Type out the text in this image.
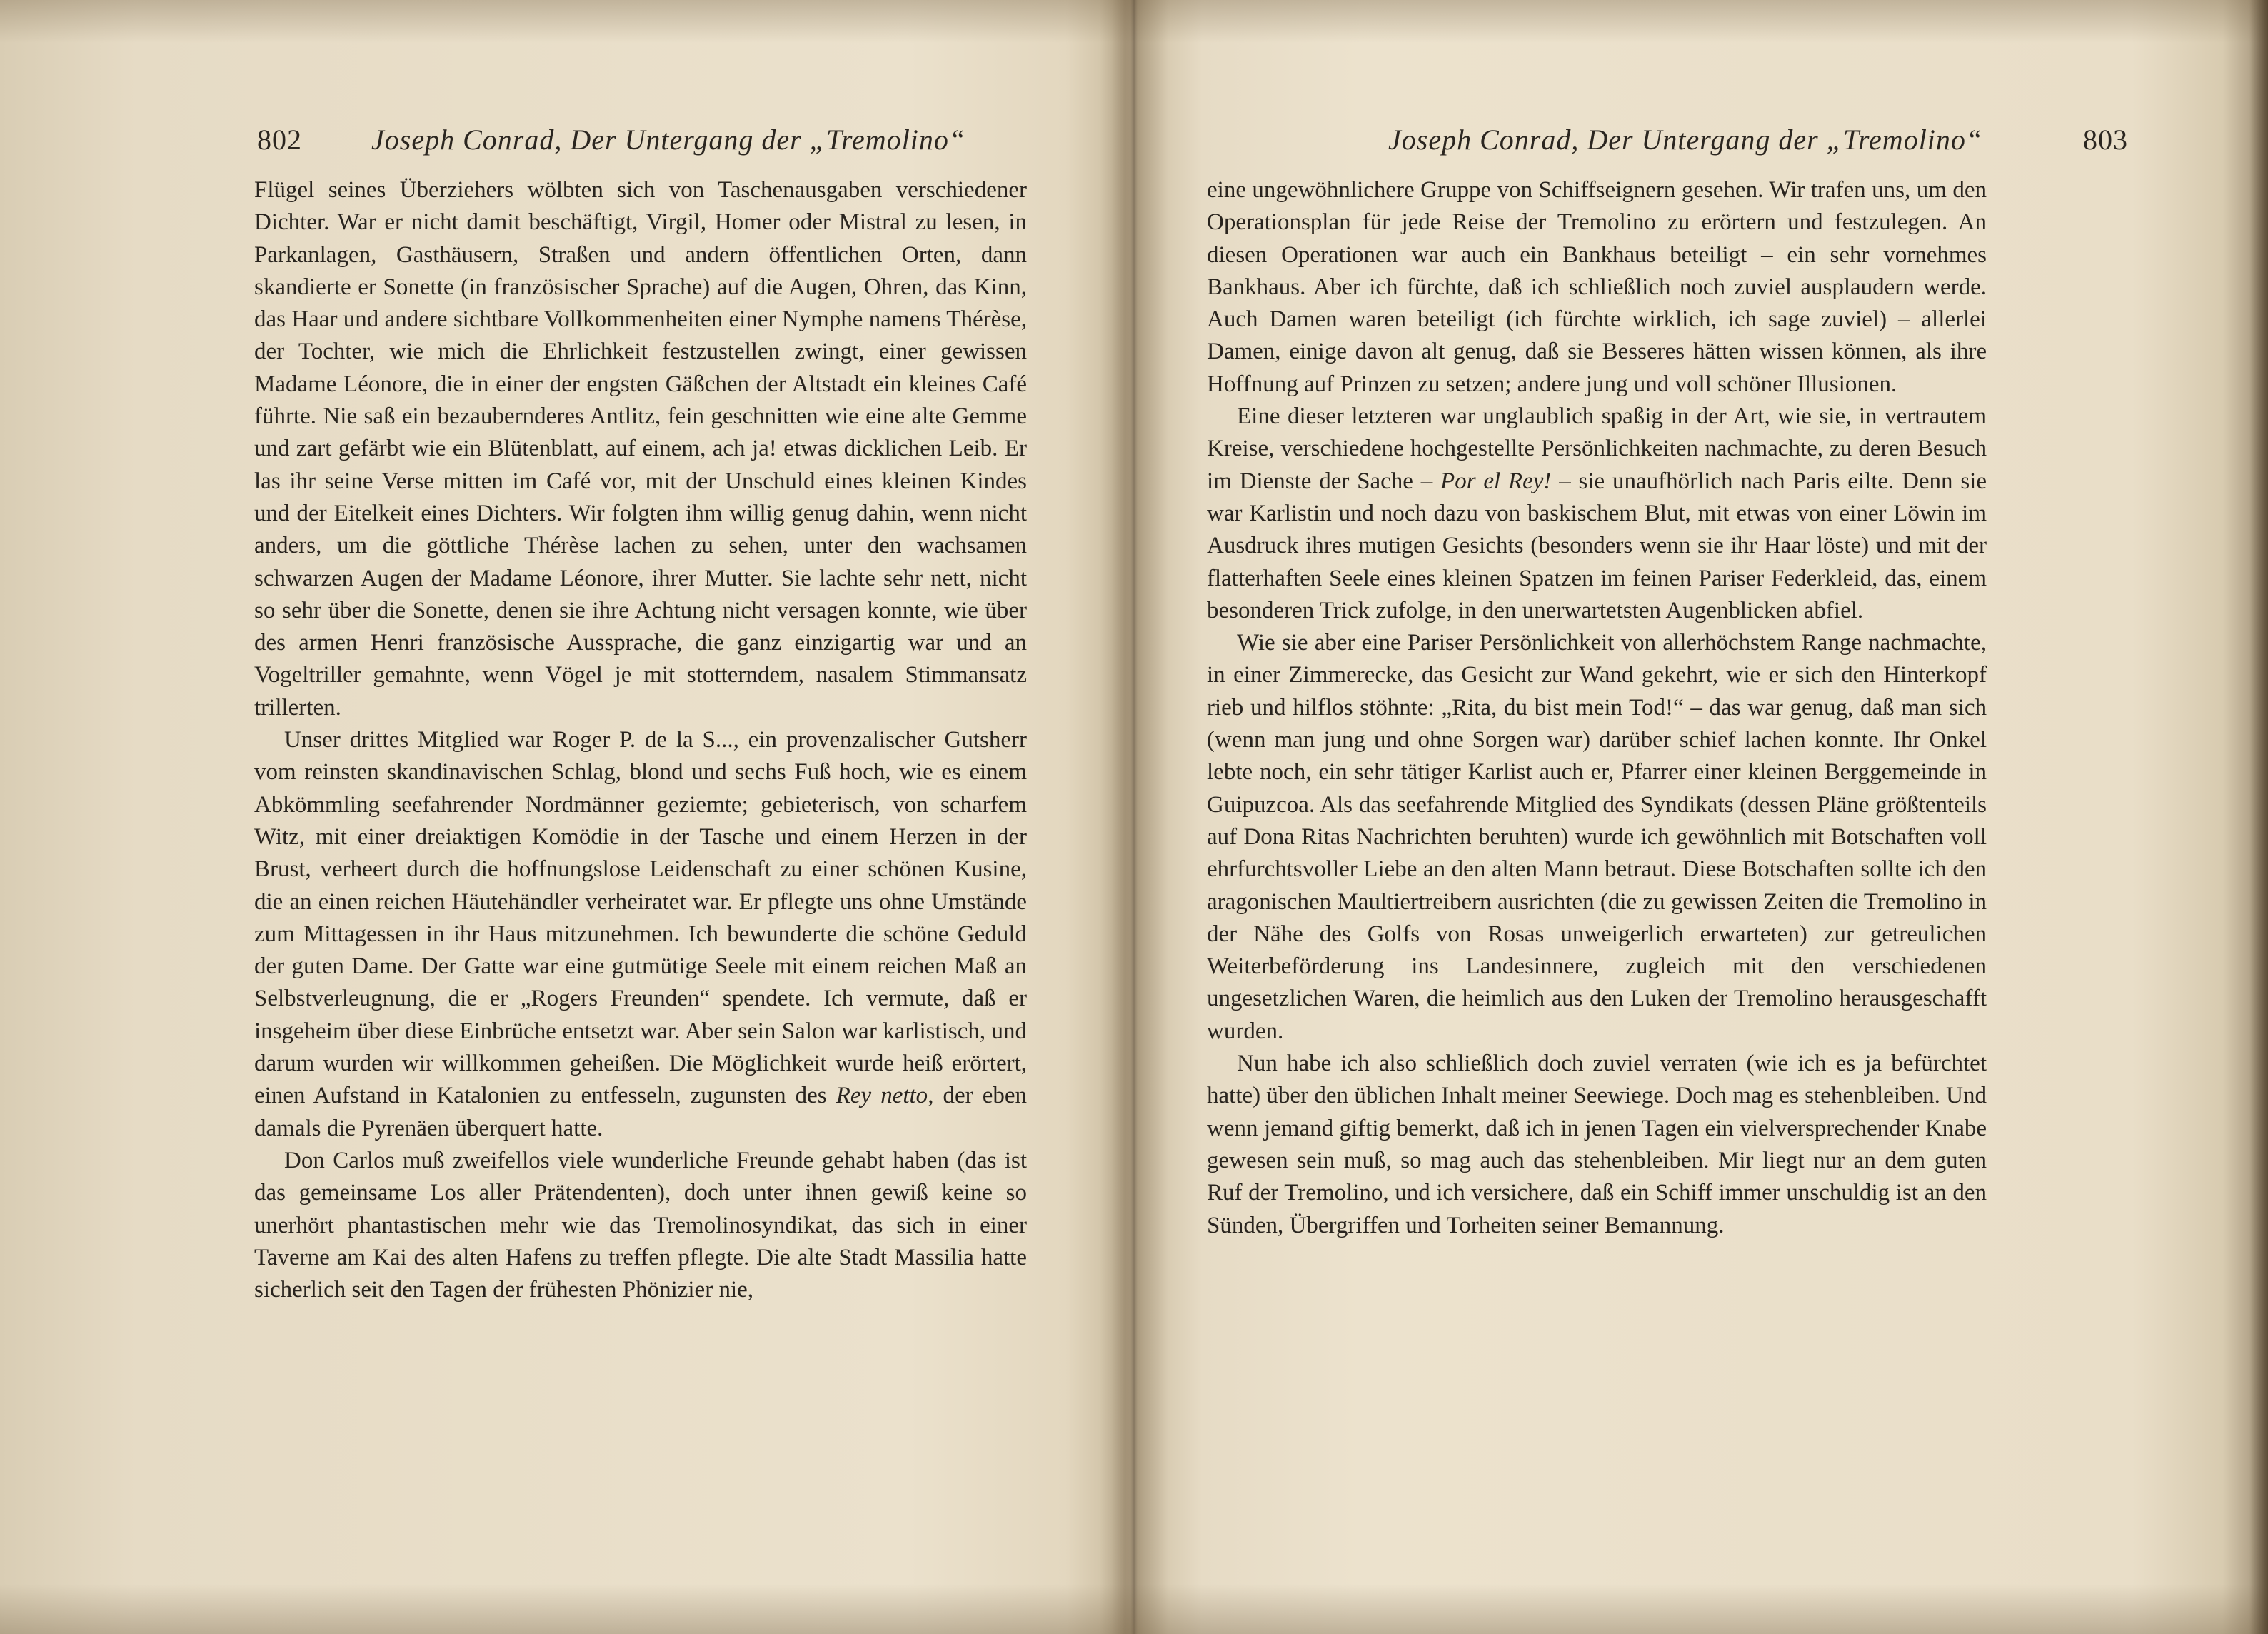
802 Joseph Conrad, Der Untergang der „Tremolino“

Flügel seines Überziehers wölbten sich von Taschenausgaben verschiedener Dichter. War er nicht damit beschäftigt, Virgil, Homer oder Mistral zu lesen, in Parkanlagen, Gasthäusern, Straßen und andern öffentlichen Orten, dann skandierte er Sonette (in französischer Sprache) auf die Augen, Ohren, das Kinn, das Haar und andere sichtbare Vollkommenheiten einer Nymphe namens Thérèse, der Tochter, wie mich die Ehrlichkeit festzustellen zwingt, einer gewissen Madame Léonore, die in einer der engsten Gäßchen der Altstadt ein kleines Café führte. Nie saß ein bezaubernderes Antlitz, fein geschnitten wie eine alte Gemme und zart gefärbt wie ein Blütenblatt, auf einem, ach ja! etwas dicklichen Leib. Er las ihr seine Verse mitten im Café vor, mit der Unschuld eines kleinen Kindes und der Eitelkeit eines Dichters. Wir folgten ihm willig genug dahin, wenn nicht anders, um die göttliche Thérèse lachen zu sehen, unter den wachsamen schwarzen Augen der Madame Léonore, ihrer Mutter. Sie lachte sehr nett, nicht so sehr über die Sonette, denen sie ihre Achtung nicht versagen konnte, wie über des armen Henri französische Aussprache, die ganz einzigartig war und an Vogeltriller gemahnte, wenn Vögel je mit stotterndem, nasalem Stimmansatz trillerten.

Unser drittes Mitglied war Roger P. de la S..., ein provenzalischer Gutsherr vom reinsten skandinavischen Schlag, blond und sechs Fuß hoch, wie es einem Abkömmling seefahrender Nordmänner geziemte; gebieterisch, von scharfem Witz, mit einer dreiaktigen Komödie in der Tasche und einem Herzen in der Brust, verheert durch die hoffnungslose Leidenschaft zu einer schönen Kusine, die an einen reichen Häutehändler verheiratet war. Er pflegte uns ohne Umstände zum Mittagessen in ihr Haus mitzunehmen. Ich bewunderte die schöne Geduld der guten Dame. Der Gatte war eine gutmütige Seele mit einem reichen Maß an Selbstverleugnung, die er „Rogers Freunden“ spendete. Ich vermute, daß er insgeheim über diese Einbrüche entsetzt war. Aber sein Salon war karlistisch, und darum wurden wir willkommen geheißen. Die Möglichkeit wurde heiß erörtert, einen Aufstand in Katalonien zu entfesseln, zugunsten des Rey netto, der eben damals die Pyrenäen überquert hatte.

Don Carlos muß zweifellos viele wunderliche Freunde gehabt haben (das ist das gemeinsame Los aller Prätendenten), doch unter ihnen gewiß keine so unerhört phantastischen mehr wie das Tremolinosyndikat, das sich in einer Taverne am Kai des alten Hafens zu treffen pflegte. Die alte Stadt Massilia hatte sicherlich seit den Tagen der frühesten Phönizier nie,

Joseph Conrad, Der Untergang der „Tremolino“	803

eine ungewöhnlichere Gruppe von Schiffseignern gesehen. Wir trafen uns, um den Operationsplan für jede Reise der Tremolino zu erörtern und festzulegen. An diesen Operationen war auch ein Bankhaus beteiligt – ein sehr vornehmes Bankhaus. Aber ich fürchte, daß ich schließlich noch zuviel ausplaudern werde. Auch Damen waren beteiligt (ich fürchte wirklich, ich sage zuviel) – allerlei Damen, einige davon alt genug, daß sie Besseres hätten wissen können, als ihre Hoffnung auf Prinzen zu setzen; andere jung und voll schöner Illusionen.

Eine dieser letzteren war unglaublich spaßig in der Art, wie sie, in vertrautem Kreise, verschiedene hochgestellte Persönlichkeiten nachmachte, zu deren Besuch im Dienste der Sache – Por el Rey! – sie unaufhörlich nach Paris eilte. Denn sie war Karlistin und noch dazu von baskischem Blut, mit etwas von einer Löwin im Ausdruck ihres mutigen Gesichts (besonders wenn sie ihr Haar löste) und mit der flatterhaften Seele eines kleinen Spatzen im feinen Pariser Federkleid, das, einem besonderen Trick zufolge, in den unerwartetsten Augenblicken abfiel.

Wie sie aber eine Pariser Persönlichkeit von allerhöchstem Range nachmachte, in einer Zimmerecke, das Gesicht zur Wand gekehrt, wie er sich den Hinterkopf rieb und hilflos stöhnte: „Rita, du bist mein Tod!“ – das war genug, daß man sich (wenn man jung und ohne Sorgen war) darüber schief lachen konnte. Ihr Onkel lebte noch, ein sehr tätiger Karlist auch er, Pfarrer einer kleinen Berggemeinde in Guipuzcoa. Als das seefahrende Mitglied des Syndikats (dessen Pläne größtenteils auf Dona Ritas Nachrichten beruhten) wurde ich gewöhnlich mit Botschaften voll ehrfurchtsvoller Liebe an den alten Mann betraut. Diese Botschaften sollte ich den aragonischen Maultiertreibern ausrichten (die zu gewissen Zeiten die Tremolino in der Nähe des Golfs von Rosas unweigerlich erwarteten) zur getreulichen Weiterbeförderung ins Landesinnere, zugleich mit den verschiedenen ungesetzlichen Waren, die heimlich aus den Luken der Tremolino herausgeschafft wurden.

Nun habe ich also schließlich doch zuviel verraten (wie ich es ja befürchtet hatte) über den üblichen Inhalt meiner Seewiege. Doch mag es stehenbleiben. Und wenn jemand giftig bemerkt, daß ich in jenen Tagen ein vielversprechender Knabe gewesen sein muß, so mag auch das stehenbleiben. Mir liegt nur an dem guten Ruf der Tremolino, und ich versichere, daß ein Schiff immer unschuldig ist an den Sünden, Übergriffen und Torheiten seiner Bemannung.
